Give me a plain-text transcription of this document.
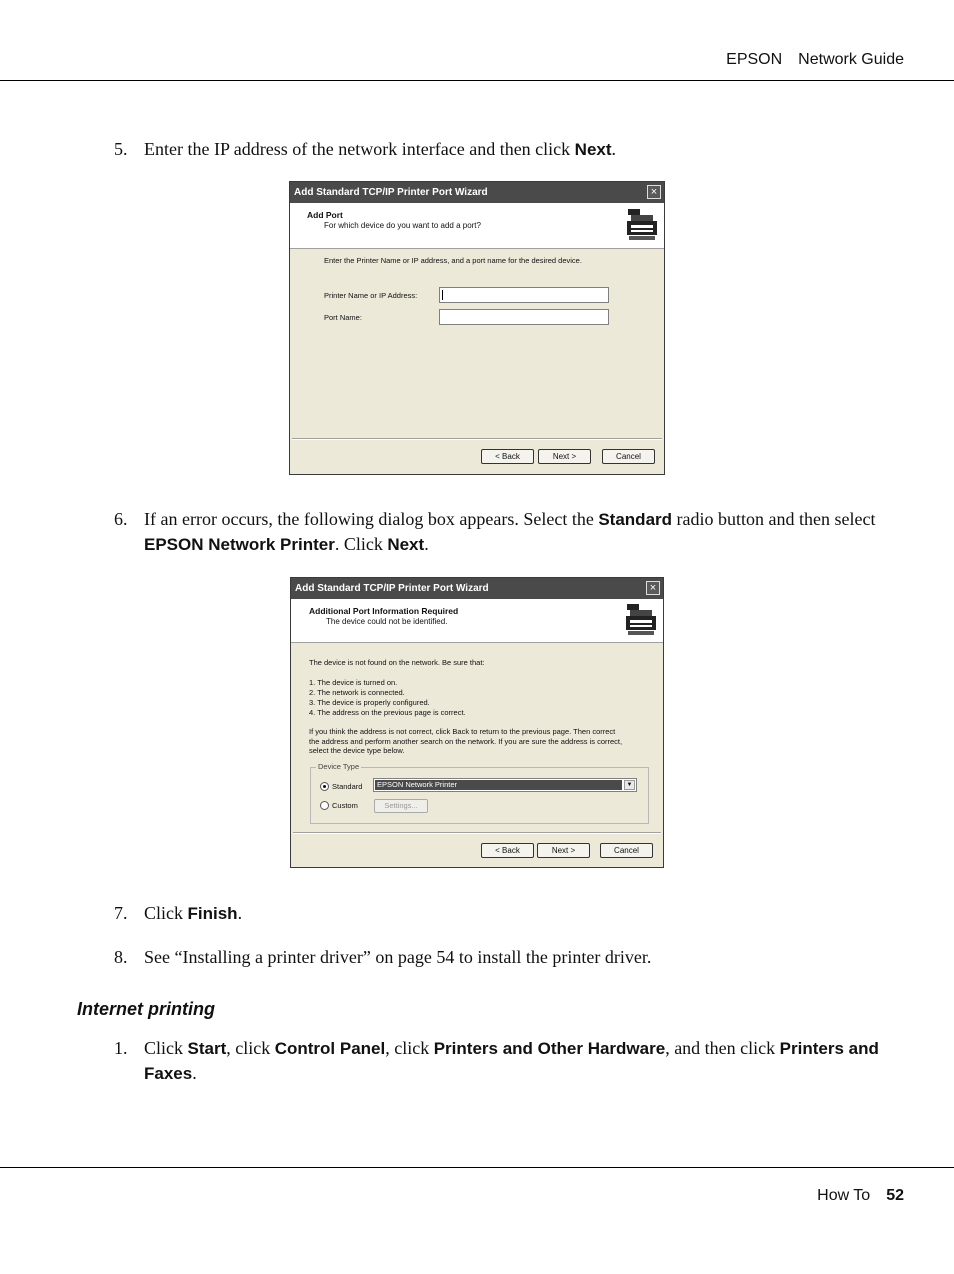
EPSON Network Guide
5. Enter the IP address of the network interface and then click Next.
Add Standard TCP/IP Printer Port Wizard	×
Add Port
For which device do you want to add a port?
Enter the Printer Name or IP address, and a port name for the desired device.
Printer Name or IP Address:
Port Name:
< Back	Next >	Cancel
6. If an error occurs, the following dialog box appears. Select the Standard radio button and then select EPSON Network Printer. Click Next.
Add Standard TCP/IP Printer Port Wizard	×
Additional Port Information Required
The device could not be identified.
The device is not found on the network. Be sure that:
1. The device is turned on.
2. The network is connected.
3. The device is properly configured.
4. The address on the previous page is correct.
If you think the address is not correct, click Back to return to the previous page. Then correct
the address and perform another search on the network. If you are sure the address is correct,
select the device type below.
Device Type
Standard EPSON Network Printer	▼
Custom	Settings...
< Back	Next >	Cancel
7. Click Finish.
8. See “Installing a printer driver” on page 54 to install the printer driver.
Internet printing
1. Click Start, click Control Panel, click Printers and Other Hardware, and then click Printers and Faxes.
How To 52
